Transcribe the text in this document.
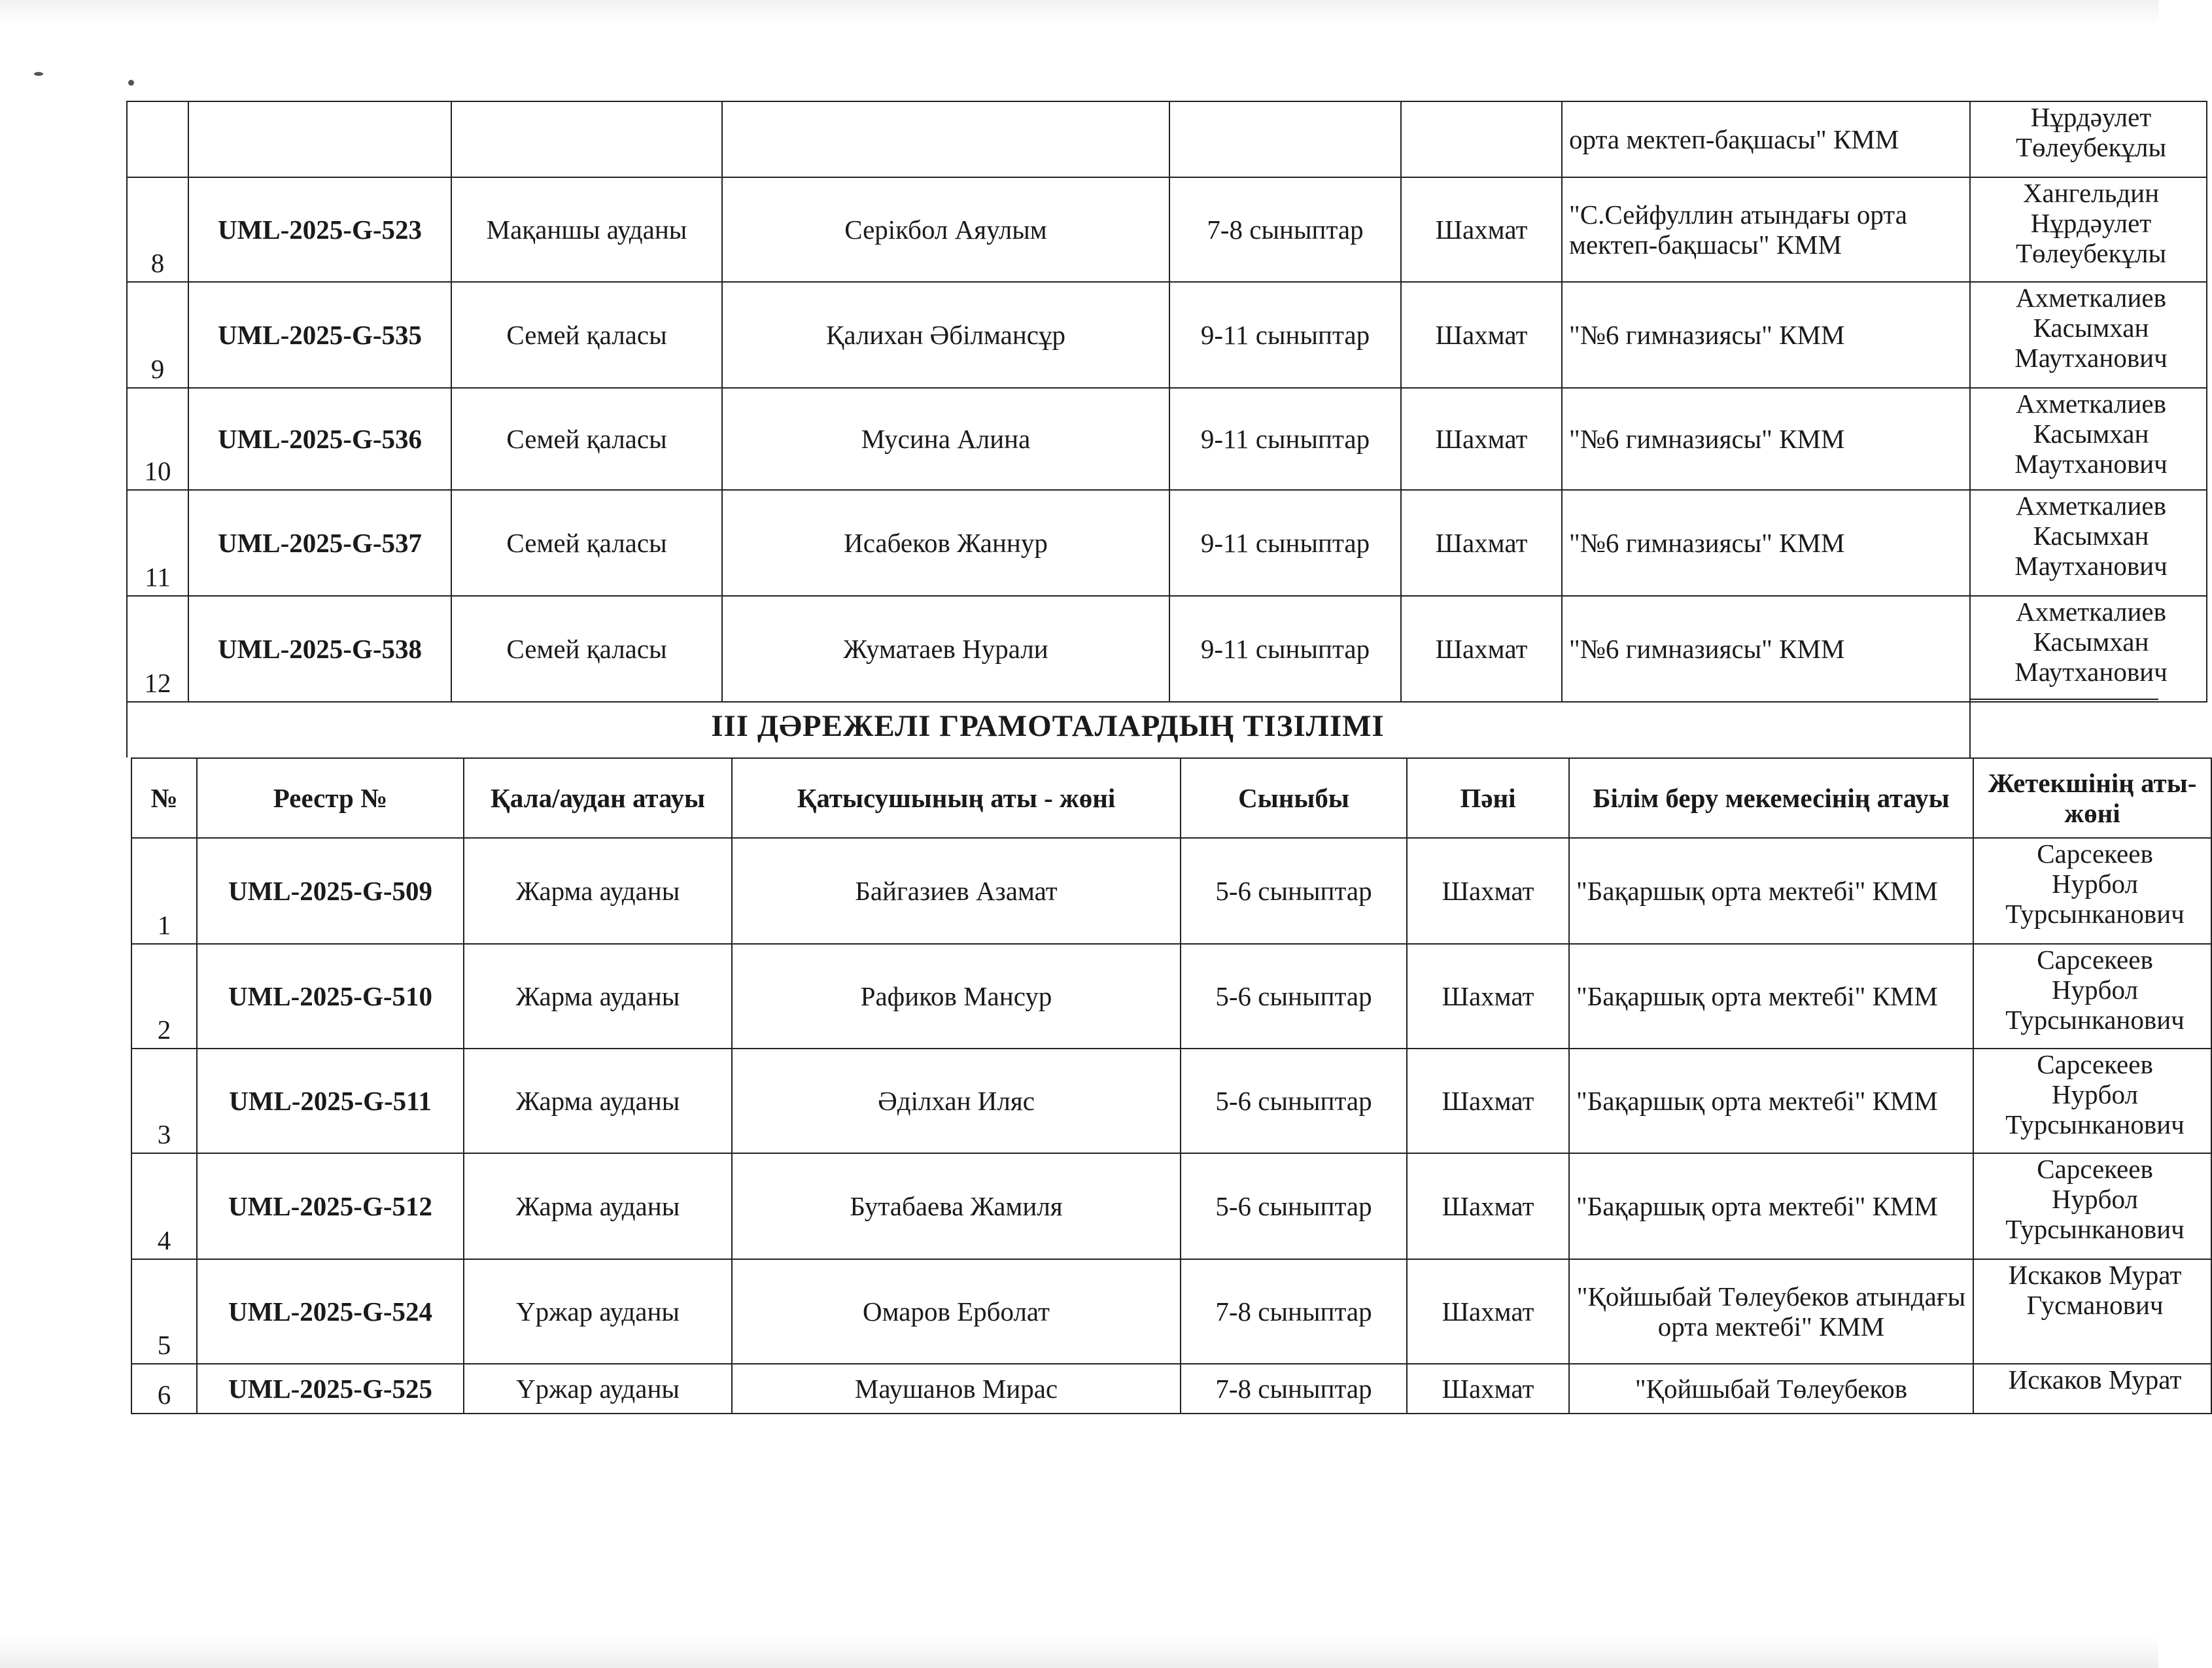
						орта мектеп-бақшасы" КММ	Нұрдәулет
Төлеубекұлы

8	UML-2025-G-523	Мақаншы ауданы	Серікбол Аяулым	7-8 сыныптар	Шахмат	"С.Сейфуллин атындағы орта мектеп-бақшасы" КММ	Хангельдин
Нұрдәулет
Төлеубекұлы

9	UML-2025-G-535	Семей қаласы	Қалихан Әбілмансұр	9-11 сыныптар	Шахмат	"№6 гимназиясы" КММ	Ахметкалиев
Касымхан
Маутханович

10	UML-2025-G-536	Семей қаласы	Мусина Алина	9-11 сыныптар	Шахмат	"№6 гимназиясы" КММ	Ахметкалиев
Касымхан
Маутханович

11	UML-2025-G-537	Семей қаласы	Исабеков Жаннур	9-11 сыныптар	Шахмат	"№6 гимназиясы" КММ	Ахметкалиев
Касымхан
Маутханович

12	UML-2025-G-538	Семей қаласы	Жуматаев Нурали	9-11 сыныптар	Шахмат	"№6 гимназиясы" КММ	Ахметкалиев
Касымхан
Маутханович
III ДӘРЕЖЕЛІ ГРАМОТАЛАРДЫҢ ТІЗІЛІМІ
№	Реестр №	Қала/аудан атауы	Қатысушының аты - жөні	Сыныбы	Пәні	Білім беру мекемесінің атауы	Жетекшінің аты-жөні
1	UML-2025-G-509	Жарма ауданы	Байгазиев Азамат	5-6 сыныптар	Шахмат	"Бақаршық орта мектебі" КММ	Сарсекеев
Нурбол
Турсынканович

2	UML-2025-G-510	Жарма ауданы	Рафиков Мансур	5-6 сыныптар	Шахмат	"Бақаршық орта мектебі" КММ	Сарсекеев
Нурбол
Турсынканович

3	UML-2025-G-511	Жарма ауданы	Әділхан Иляс	5-6 сыныптар	Шахмат	"Бақаршық орта мектебі" КММ	Сарсекеев
Нурбол
Турсынканович

4	UML-2025-G-512	Жарма ауданы	Бутабаева Жамиля	5-6 сыныптар	Шахмат	"Бақаршық орта мектебі" КММ	Сарсекеев
Нурбол
Турсынканович

5	UML-2025-G-524	Үржар ауданы	Омаров Ерболат	7-8 сыныптар	Шахмат	"Қойшыбай Төлеубеков атындағы орта мектебі" КММ	Искаков Мурат
Гусманович

6	UML-2025-G-525	Үржар ауданы	Маушанов Мирас	7-8 сыныптар	Шахмат	"Қойшыбай Төлеубеков	Искаков Мурат
